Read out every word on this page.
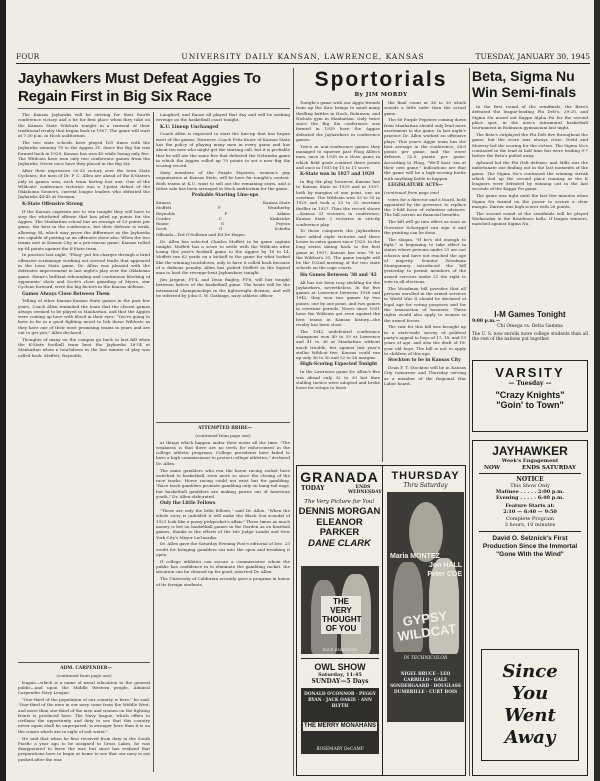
FOUR	UNIVERSITY DAILY KANSAN, LAWRENCE, KANSAS	TUESDAY, JANUARY 30, 1945
Jayhawkers Must Defeat Aggies To Regain First in Big Six Race

The Kansas Jayhawks will be striving for their fourth conference victory and a tie for first place when they take on the Kansas State Wildcats tonight in a renewal of their traditional rivalry that began back in 1907. The game will start at 7:30 p.m. in Hoch auditorium.

The two state schools have played 161 times with the Jayhawks winning 78 to the Aggies 31. Since the Big Six was formed back in 1929, Kansas has won 40 while losing only five. The Wildcats have won only two conference games from the Jayhawks. Never once have they placed in the Big Six.

After their impressive 50-35 victory over the Iowa State Cyclones, the men of Dr. F. C. Allen are ahead of the K-Staters only in games won, each team having lost one. One of the Wildcats' conference victories was a 1-point defeat of the Oklahoma Sooners, current league leaders who defeated the Jayhawks 44-43 at Norman.

K-State Offensive Strong

If the Kansas cagemen are to win tonight they will have to stop the whirlwind offense that has piled up points for the Aggies. The Manhattan school has an average of 53 points per game, the best in the conference, but their defense is weak, allowing 54, which may prove the difference as the Jayhawks are capable of putting on an offensive show also. When the two teams met in Kansas City in a pre-season game, Kansas rolled up 64 points against the K-State team.

In practice last night, "Phog" put his charges through a brief offensive scrimmage working out several faults that appeared in the Iowa State game. Dr. Allen was pleased with the defensive improvement in last night's play over the Oklahoma game. Heinz's brilliant rebounding and continuous blocking of opponents' shots and Scott's close guarding of Myers, star Cyclone forward, were the big factors in the Kansas defense.

Games Always Close Between Them

Telling of other Kansas-Kansas State games in the past few years, Coach Allen reminded the team that the closest games always seemed to be played in Manhattan, and that the Aggies were coming up here with blood in their eyes. "You're going to have to be in a good fighting mood to lick those Wildcats as they have one of their most promising teams in years and are out to get you," Allen declared.

Thoughts of many on the campus go back to last fall when the K-State football team beat the Jayhawks 18-14 at Manhattan when a touchdown in the last minute of play was called back. Moffett, Reynolds,

ADM. CARPENDER—

(continued from page one)

league—which is a name of naval education to the general public—and upon the Middle Western people, Admiral Carpender Navy League.

"One-third of the population of our country is here," he said. "One-third of the men in our navy come from the Middle West, and more than one-third of the men and women on the fighting fronts is produced here. The Navy league, which offers to civilians the opportunity and duty to see that this country never again shall be unprepared, is stronger here than it is on the coasts which are in sight of salt water."

He said that when he first received from duty in the South Pacific a year ago to be assigned to Great Lakes, he was disappointed to leave the war, but since has realized that preparations here to begin at home to see that our navy is not pushed after the war.

Langford, and Rouse all played that day and will be seeking revenge on the basketball court tonight.

K.U. Lineup Unchanged

Coach Allen is expected to start the line-up that has begun most of the games. However, Coach Fritz Knorr of Kansas State has the policy of playing many men in every game and has about ten men who might get the starting call, but it is probable that he will use the same five that defeated the Nebraska game in which the Aggies rolled up 70 points to set a new Big Six scoring record.

Sixty members of the Purple Pepsters, women's pep organization at Kansas State, will be here for tonight's contest. Both teams at K.U. want to sell out the remaining seats, and a ticket sale has been arranged in Hoch auditorium for the game.

Probable Starting Line-ups

Kansas	Kansas State
Moffett	F	Weatherby
Reynolds	F	Atkins
Corder	C	Kinbricke
Rouse	G	Peyton
Scott	G	Schultz

Officials—Ted O'Sullivan and Ed De Hoges.

Dr. Allen has selected Charles Moffett to be game captain tonight. Moffett has a score to settle with the Wildcats after losing this year's football game to the Aggies by 18 to 14. Moffett ran 62 yards on a kickoff in the game for what looked like the winning touchdown, only to have it called back because of a dubious penalty. Allen has picked Moffett as the logical man to lead the revenge-bent Jayhawkers tonight.

Jim Jargent, PT-4, and Dean Bagley, PT-6, will box tonight between halves of the basketball game. The bouts will be the intramural championships in the lightweight division, and will be refereed by John G. W. Gathings, navy athletic officer.

ATTEMPTED BRIBE—

(continued from page one)

at things which happen under their noses all the time. "The weakness is that there are no teeth for enforcement in the college athletic programs. College presidents have failed to have a high commissioner to protect college athletics," declared Dr. Allen.

The same gamblers who run the horse racing racket have switched to basketball, even more so since the closing of the race tracks. Horse racing could not exist but for gambling. "Race track gamblers promote gambling only on bang-tail nags, but basketball gamblers are making pawns out of American youth," Dr. Allen elaborated.

Only the Little Fellows

"These are only the little fellows," said Dr. Allen. "When the whole story is unfolded it will make the Black Sox scandal of 1921 look like a pussy pickpocket's affair." Three times as much money is bet on basketball games in the Garden as on baseball games, thanks to the efforts of the Isle Judge Landis and New York City's Mayor LaGuardia.

Dr. Allen gave the Saturday Evening Post's editorial of Dec. 23 credit for bringing gamblers out into the open and breaking it open.

If college athletics can secure a commissioner whom the public has confidence in to eliminate the gambling racket, the situation can be cleaned up for good, asserted Dr. Allen.

The University of California recently gave a program in honor of its foreign students.

Sportorials
By JIM MORDY

Tonight's game with our Aggie friends from up the Kaw brings to mind many thrilling battles in Hoch, Robinson, and Nichols gym in Manhattan. Only twice since the Big Six conference was formed in 1929 have the Aggies defeated the Jayhawkers in conference games.

Twice in non-conference games they managed to squeeze past Phog Allen's men, once in 1935 in a close game in which field goals counted three points and once in 1933 by 15 to 11 score.

K-State won in 1927 and 1929

In Big Six play, however, Kansas lost to Kansas State in 1929 and in 1937, both by margins of one point, one an overtime. The Wildcats won 33 to 35 in 1929 and took a 33 to 32 overtime thriller in 1937. Thus the record shows—Kansas 31 victories in conference, Kansas State 2 victories in strictly conference play.

To those conquests the Jayhawkers have added eight victories and three losses in extra games since 1929. In the long series dating back to the first game in 1907, Kansas has won 78 to the Wildcat's 31. The game tonight will be the 102nd meeting of the two state schools on the cage courts.

Six Games Between '38 and '42

All has not been rosy sledding for the Jayhawkers, nevertheless. In the five games at Lawrence between 1938 and 1942, they won two games by two points, one by one point, and two games in overtime periods. Never since 1931 have the Wildcats got even against the best teams in Kansas history—the rivalry has been close.

The 1942 undefeated conference champions won 40 to 39 at Lawrence and 41 to 36 at Manhattan without much trouble, but against last year's stellar Wildcat five, Kansas could run up only 36 to 30 and 52 to 34 margins.

High-Scoring Expected Tonight

In the Lawrence game Dr. Allen's five was ahead only 32 to 30 but then stalling tactics were adopted and broke loose for setups to leave

the final count at 36 to 30 which sounds a little safer than the actual game.

The 60 Purple Pepsters coming down from Manhattan should only lend more excitement to the game. In last night's practice Dr. Allen worked on offensive plays. This year's Aggie team has the best average in the conference, 54.0 points per game, and the worst defense, 52.0 points per game. According to Phog, "We'll beat 'em at their own game." Indications are that the game will be a high-scoring battle with anything liable to happen.

LEGISLATURE ACTS—

(continued from page one)

votes for a director and a board, both appointed by the governor, to replace the 3-fold force of volunteer advisers. The bill carries no financial benefits.

The bill will go into effect as soon as Governor Schoeppel can sign it and the printing can be done.

The slogan, "If he's old enough to fight," is beginning to take effect in states where persons under 21 are not citizens and have not reached the age of majority. Senator Woodman Montgomery introduced the bill yesterday to permit members of the armed services under 21 the right to vote in all elections.

The Woodman bill provides that all persons enrolled in the armed services in World War II should be declared of legal age for voting purposes and for the transaction of business. These rights would also apply to women in the armed forces.

The vast for this bill was brought up in a state-wide survey of political party's appeal to boys of 17, 18, and 19 years of age, and also the draft of 18-year old boys. The bill is not to apply to children of this age.

Stockton to be in Kansas City

Dean F. T. Stockton will be in Kansas City tomorrow and Thursday serving as a member of the Regional War Labor board.

GRANADA
TODAY	ENDS WEDNESDAY
The Very Picture for You!
DENNIS MORGAN
ELEANOR PARKER
DANE CLARK
THE VERY THOUGHT OF YOU
FAYE EMERSON
OWL SHOW
Saturday, 11:45
SUNDAY—5 Days
DONALD O'CONNOR · PEGGY RYAN · JACK OAKIE · ANN BLYTH
THE MERRY MONAHANS
ROSEMARY DeCAMP
THURSDAY
Thru Saturday
Maria MONTEZ
Jon HALL
Peter COE
GYPSY WILDCAT
IN TECHNICOLOR
NIGEL BRUCE · LEO CARRILLO · GALE SONDERGAARD · DOUGLASS DUMBRILLE · CURT BOIS
Beta, Sigma Nu Win Semi-finals

In the first round of the semifinals, the Beta's defeated the league-leading Phi Delt's, 29-20, and Sigma Nu nosed out Kappa Alpha Psi for the second place spot, in the men's intramural basketball tournament in Robinson gymnasium last night.

The Beta's outplayed the Phi Delt five throughout the game, but the score was always close. Diehl and Mowery led the scoring for the victors. The Sigma Nu's continued in the lead at half time but were trailing 9-7 before the Beta's pulled away.

Aylward led the Phi Delt defense, and Mills was the unfortunate one finding out in the last moments of the game. The Sigma Nu's continued the winning streak which tied up the second place running as the K leaguers were defeated by winning out in the last seconds of the Kappa Psi game.

The game was tight until the last few minutes when Sigma Nu turned on the power to secure a clear margin. Darner was high scorer with 26 points.

The second round of the semifinals will be played Wednesday in the Residence halls. If league winners, matched against Sigma Nu.

I-M Games Tonight
9:00 p.m.—
Chi Omega vs. Delta Gamma
The U. S. now enrolls more college students than all the rest of the nations put together.
VARSITY
— Tuesday —
"Crazy Knights"
"Goin' to Town"
JAYHAWKER
Week's Engagement
NOW	ENDS SATURDAY
NOTICE
This Show Only
Matinee . . . . . 2:00 p.m.
Evening . . . . . 6:40 p.m.
Feature Starts at:
2:10 — 6:40 — 9:50
Complete Program
3 hours, 10 minutes
David O. Selznick's First Production Since the Immortal "Gone With the Wind"
Since You Went Away
